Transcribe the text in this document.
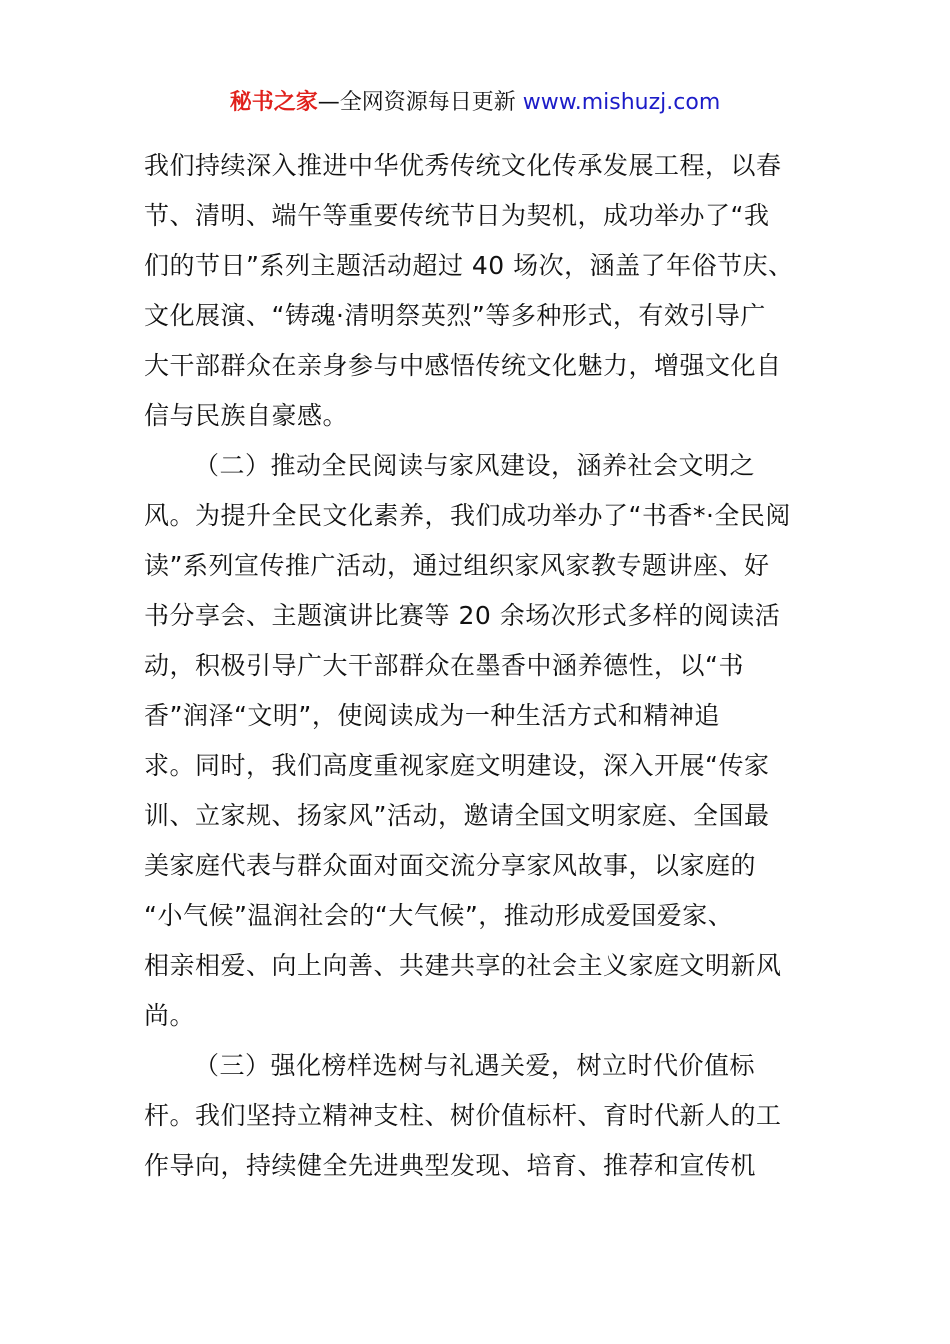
秘书之家—全网资源每日更新 www.mishuzj.com
我们持续深入推进中华优秀传统文化传承发展工程，以春
节、清明、端午等重要传统节日为契机，成功举办了“我
们的节日”系列主题活动超过 40 场次，涵盖了年俗节庆、
文化展演、“铸魂·清明祭英烈”等多种形式，有效引导广
大干部群众在亲身参与中感悟传统文化魅力，增强文化自
信与民族自豪感。
（二）推动全民阅读与家风建设，涵养社会文明之
风。为提升全民文化素养，我们成功举办了“书香*·全民阅
读”系列宣传推广活动，通过组织家风家教专题讲座、好
书分享会、主题演讲比赛等 20 余场次形式多样的阅读活
动，积极引导广大干部群众在墨香中涵养德性，以“书
香”润泽“文明”，使阅读成为一种生活方式和精神追
求。同时，我们高度重视家庭文明建设，深入开展“传家
训、立家规、扬家风”活动，邀请全国文明家庭、全国最
美家庭代表与群众面对面交流分享家风故事，以家庭的
“小气候”温润社会的“大气候”，推动形成爱国爱家、
相亲相爱、向上向善、共建共享的社会主义家庭文明新风
尚。
（三）强化榜样选树与礼遇关爱，树立时代价值标
杆。我们坚持立精神支柱、树价值标杆、育时代新人的工
作导向，持续健全先进典型发现、培育、推荐和宣传机
